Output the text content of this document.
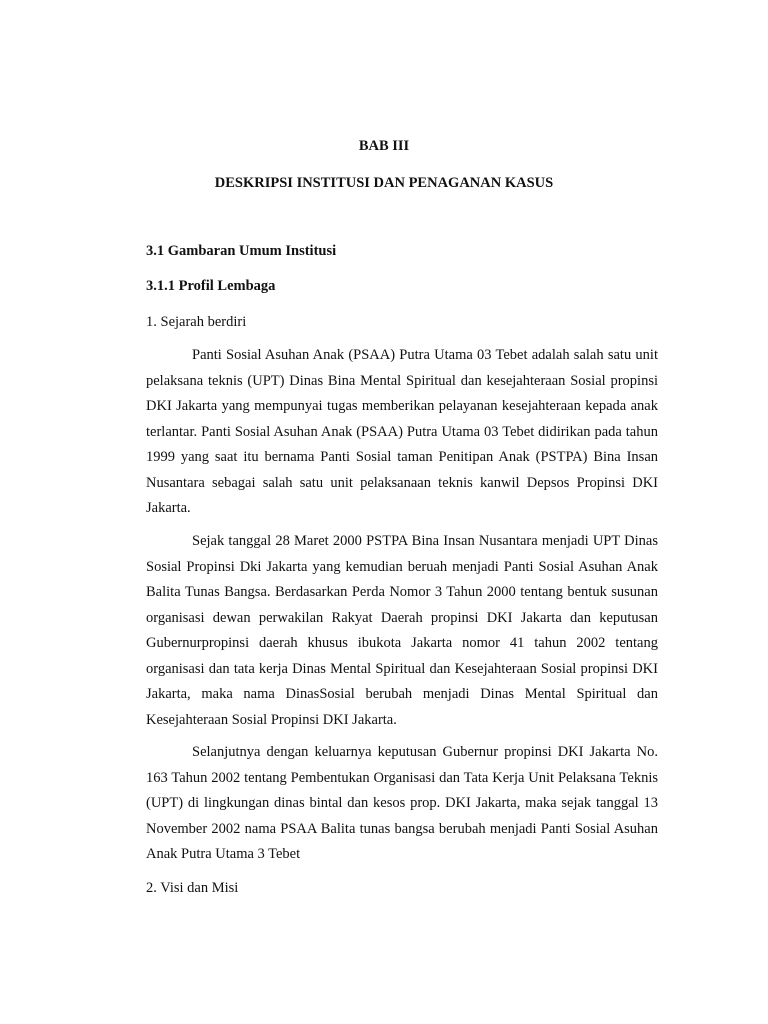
BAB III
DESKRIPSI INSTITUSI DAN PENAGANAN KASUS
3.1 Gambaran Umum Institusi
3.1.1 Profil Lembaga
1. Sejarah berdiri

Panti Sosial Asuhan Anak (PSAA) Putra Utama 03 Tebet adalah salah satu unit pelaksana teknis (UPT) Dinas Bina Mental Spiritual dan kesejahteraan Sosial propinsi DKI Jakarta yang mempunyai tugas memberikan pelayanan kesejahteraan kepada anak terlantar. Panti Sosial Asuhan Anak (PSAA) Putra Utama 03 Tebet didirikan pada tahun 1999 yang saat itu bernama Panti Sosial taman Penitipan Anak (PSTPA) Bina Insan Nusantara sebagai salah satu unit pelaksanaan teknis kanwil Depsos Propinsi DKI Jakarta.

Sejak tanggal 28 Maret 2000 PSTPA Bina Insan Nusantara menjadi UPT Dinas Sosial Propinsi Dki Jakarta yang kemudian beruah menjadi Panti Sosial Asuhan Anak Balita Tunas Bangsa. Berdasarkan Perda Nomor 3 Tahun 2000 tentang bentuk susunan organisasi dewan perwakilan Rakyat Daerah propinsi DKI Jakarta dan keputusan Gubernurpropinsi daerah khusus ibukota Jakarta nomor 41 tahun 2002 tentang organisasi dan tata kerja Dinas Mental Spiritual dan Kesejahteraan Sosial propinsi DKI Jakarta, maka nama DinasSosial berubah menjadi Dinas Mental Spiritual dan Kesejahteraan Sosial Propinsi DKI Jakarta.

Selanjutnya dengan keluarnya keputusan Gubernur propinsi DKI Jakarta No. 163 Tahun 2002 tentang Pembentukan Organisasi dan Tata Kerja Unit Pelaksana Teknis (UPT) di lingkungan dinas bintal dan kesos prop. DKI Jakarta, maka sejak tanggal 13 November 2002 nama PSAA Balita tunas bangsa berubah menjadi Panti Sosial Asuhan Anak Putra Utama 3 Tebet

2. Visi dan Misi
